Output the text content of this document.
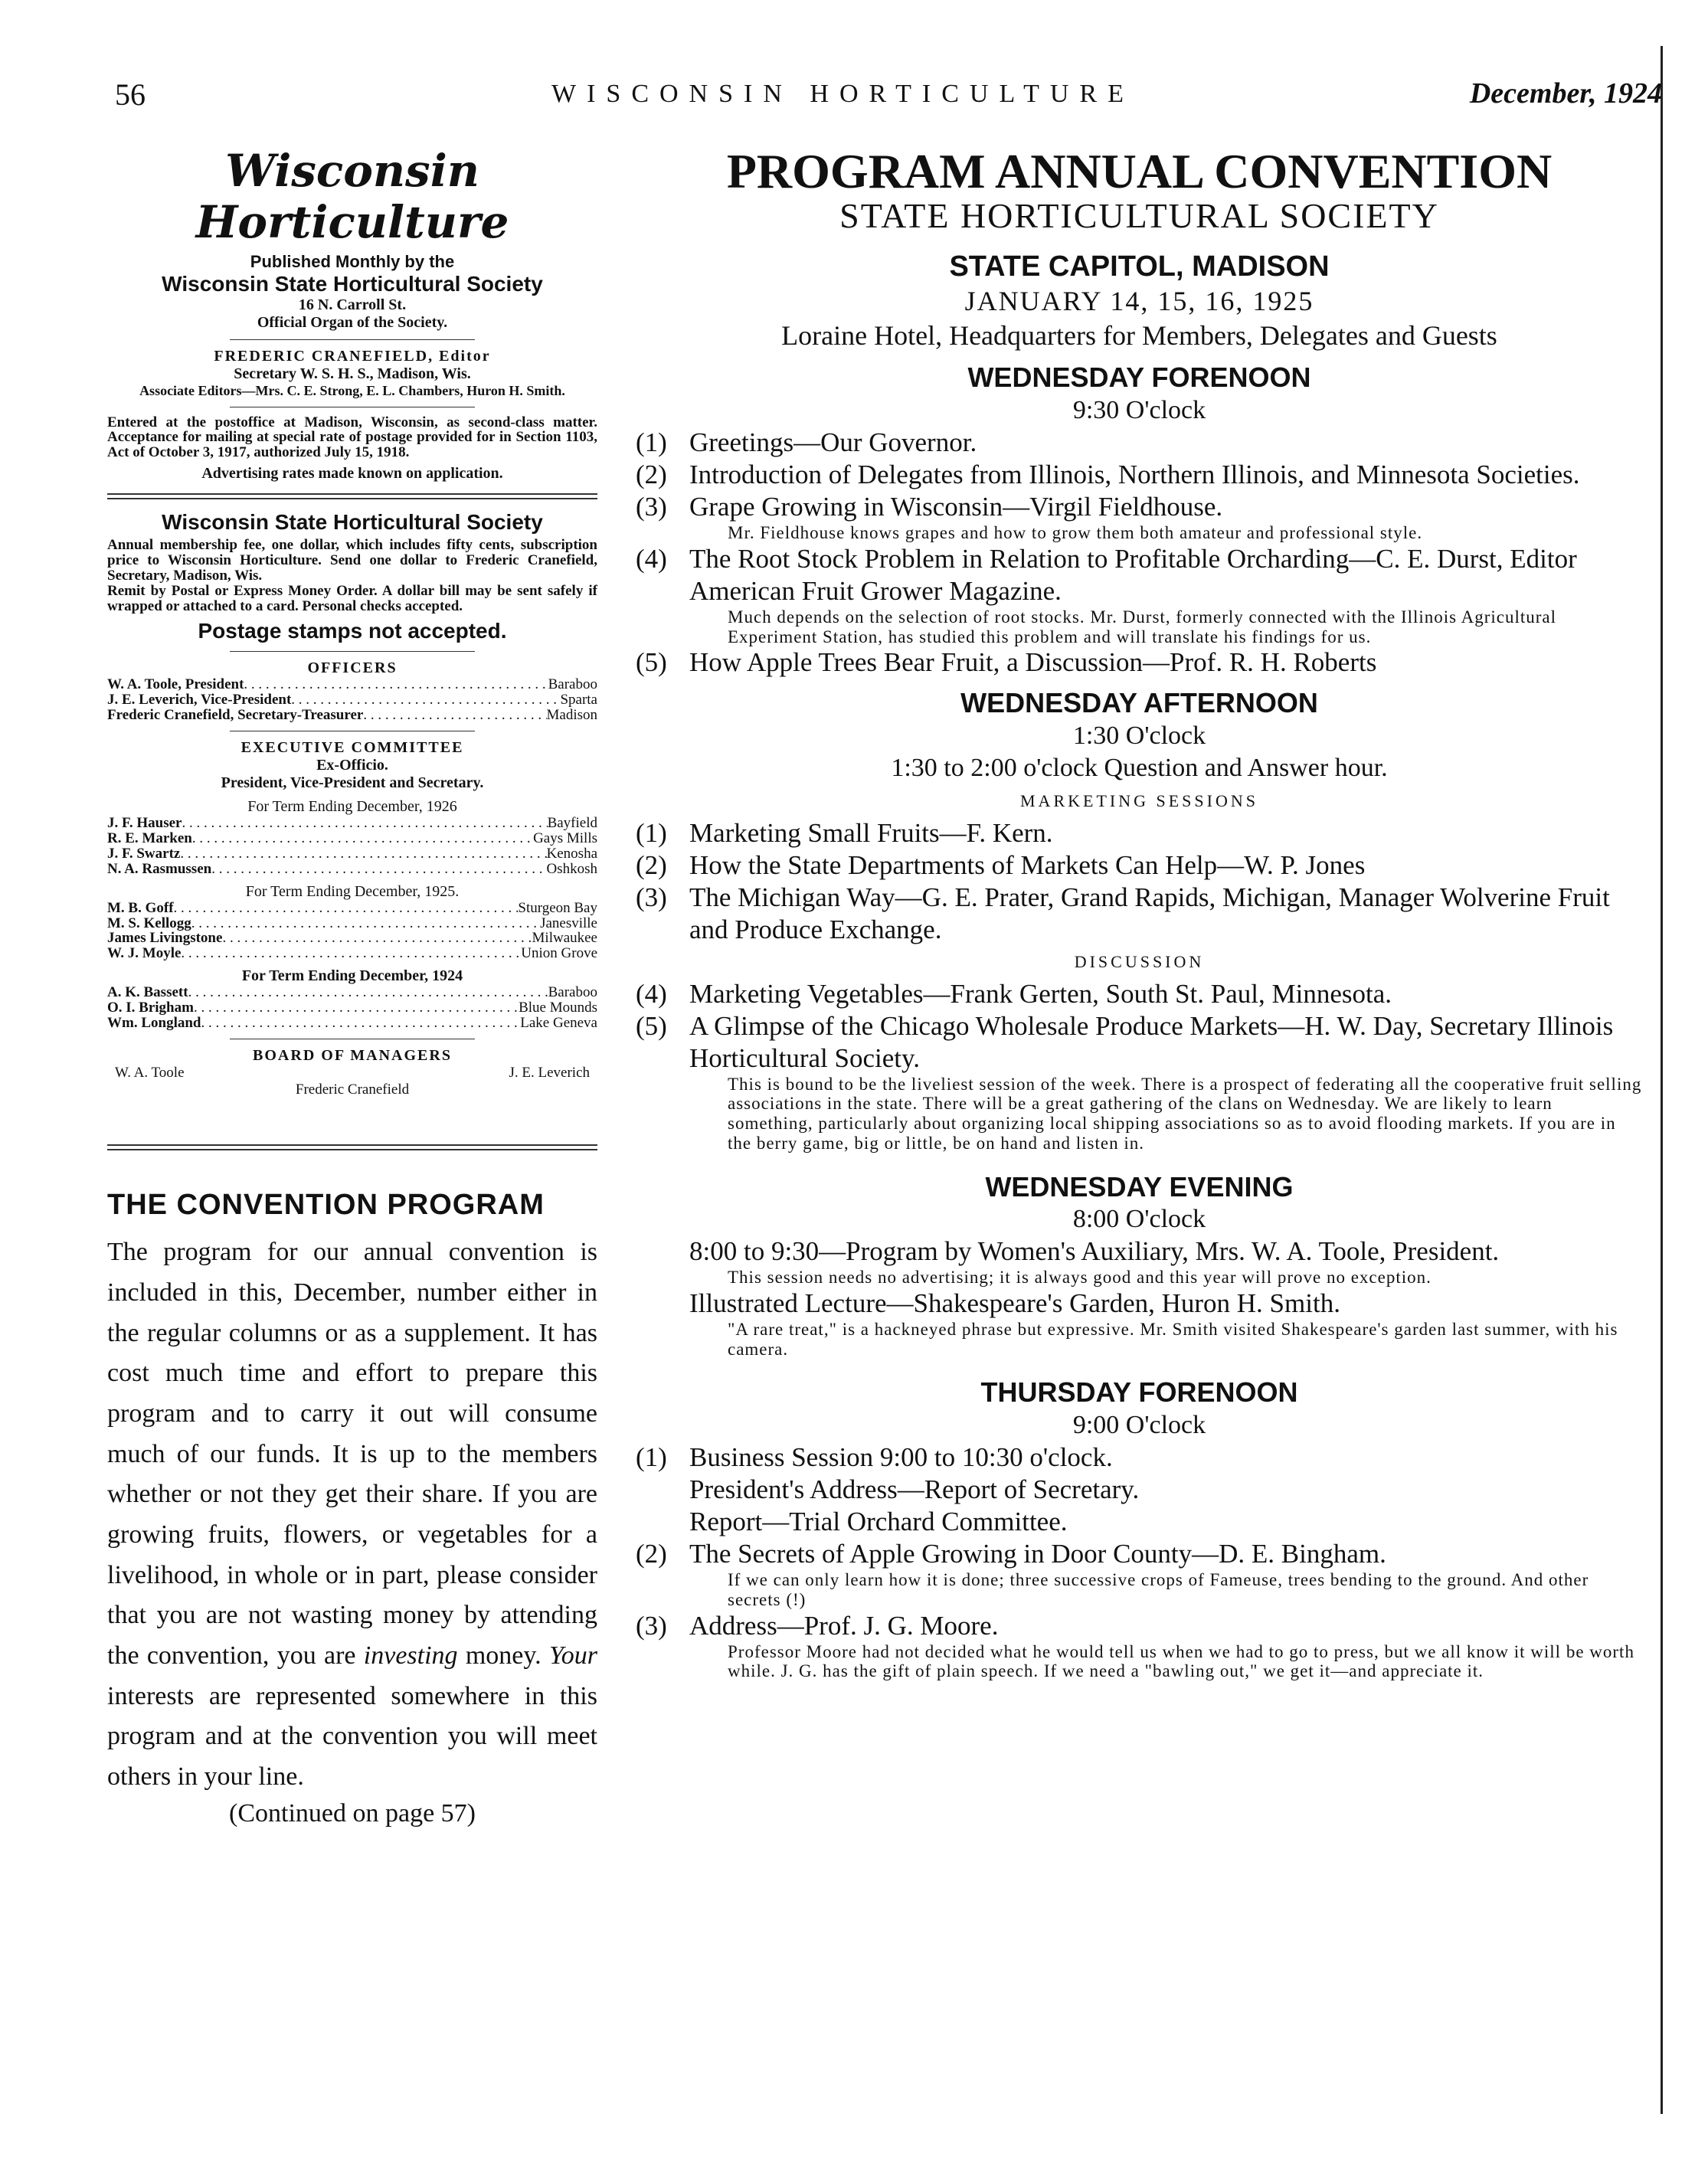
56	WISCONSIN HORTICULTURE	December, 1924
Wisconsin Horticulture
Published Monthly by the
Wisconsin State Horticultural Society
16 N. Carroll St.
Official Organ of the Society.
FREDERIC CRANEFIELD, Editor
Secretary W. S. H. S., Madison, Wis.
Associate Editors—Mrs. C. E. Strong, E. L. Chambers, Huron H. Smith.
Entered at the postoffice at Madison, Wisconsin, as second-class matter. Acceptance for mailing at special rate of postage provided for in Section 1103, Act of October 3, 1917, authorized July 15, 1918.
Advertising rates made known on application.
Wisconsin State Horticultural Society
Annual membership fee, one dollar, which includes fifty cents, subscription price to Wisconsin Horticulture. Send one dollar to Frederic Cranefield, Secretary, Madison, Wis.
Remit by Postal or Express Money Order. A dollar bill may be sent safely if wrapped or attached to a card. Personal checks accepted.
Postage stamps not accepted.
OFFICERS
W. A. Toole, President . . .	Baraboo
J. E. Leverich, Vice-President . . .	Sparta
Frederic Cranefield, Secretary-Treasurer . . .	Madison
EXECUTIVE COMMITTEE
Ex-Officio.
President, Vice-President and Secretary.
For Term Ending December, 1926
J. F. Hauser . . .	Bayfield
R. E. Marken . . .	Gays Mills
J. F. Swartz . . .	Kenosha
N. A. Rasmussen . . .	Oshkosh
For Term Ending December, 1925.
M. B. Goff . . .	Sturgeon Bay
M. S. Kellogg . . .	Janesville
James Livingstone . . .	Milwaukee
W. J. Moyle . . .	Union Grove
For Term Ending December, 1924
A. K. Bassett . . .	Baraboo
O. I. Brigham . . .	Blue Mounds
Wm. Longland . . .	Lake Geneva
BOARD OF MANAGERS
W. A. Toole	J. E. Leverich
Frederic Cranefield
THE CONVENTION PROGRAM
The program for our annual convention is included in this, December, number either in the regular columns or as a supplement. It has cost much time and effort to prepare this program and to carry it out will consume much of our funds. It is up to the members whether or not they get their share. If you are growing fruits, flowers, or vegetables for a livelihood, in whole or in part, please consider that you are not wasting money by attending the convention, you are investing money. Your interests are represented somewhere in this program and at the convention you will meet others in your line.
(Continued on page 57)
PROGRAM ANNUAL CONVENTION
STATE HORTICULTURAL SOCIETY
STATE CAPITOL, MADISON
JANUARY 14, 15, 16, 1925
Loraine Hotel, Headquarters for Members, Delegates and Guests
WEDNESDAY FORENOON
9:30 O'clock
(1) Greetings—Our Governor.
(2) Introduction of Delegates from Illinois, Northern Illinois, and Minnesota Societies.
(3) Grape Growing in Wisconsin—Virgil Fieldhouse.
Mr. Fieldhouse knows grapes and how to grow them both amateur and professional style.
(4) The Root Stock Problem in Relation to Profitable Orcharding—C. E. Durst, Editor American Fruit Grower Magazine.
Much depends on the selection of root stocks. Mr. Durst, formerly connected with the Illinois Agricultural Experiment Station, has studied this problem and will translate his findings for us.
(5) How Apple Trees Bear Fruit, a Discussion—Prof. R. H. Roberts
WEDNESDAY AFTERNOON
1:30 O'clock
1:30 to 2:00 o'clock Question and Answer hour.
MARKETING SESSIONS
(1) Marketing Small Fruits—F. Kern.
(2) How the State Departments of Markets Can Help—W. P. Jones
(3) The Michigan Way—G. E. Prater, Grand Rapids, Michigan, Manager Wolverine Fruit and Produce Exchange.
DISCUSSION
(4) Marketing Vegetables—Frank Gerten, South St. Paul, Minnesota.
(5) A Glimpse of the Chicago Wholesale Produce Markets—H. W. Day, Secretary Illinois Horticultural Society.
This is bound to be the liveliest session of the week. There is a prospect of federating all the cooperative fruit selling associations in the state. There will be a great gathering of the clans on Wednesday. We are likely to learn something, particularly about organizing local shipping associations so as to avoid flooding markets. If you are in the berry game, big or little, be on hand and listen in.
WEDNESDAY EVENING
8:00 O'clock
8:00 to 9:30—Program by Women's Auxiliary, Mrs. W. A. Toole, President.
This session needs no advertising; it is always good and this year will prove no exception.
Illustrated Lecture—Shakespeare's Garden, Huron H. Smith.
"A rare treat," is a hackneyed phrase but expressive. Mr. Smith visited Shakespeare's garden last summer, with his camera.
THURSDAY FORENOON
9:00 O'clock
(1) Business Session 9:00 to 10:30 o'clock.
President's Address—Report of Secretary.
Report—Trial Orchard Committee.
(2) The Secrets of Apple Growing in Door County—D. E. Bingham.
If we can only learn how it is done; three successive crops of Fameuse, trees bending to the ground. And other secrets (!)
(3) Address—Prof. J. G. Moore.
Professor Moore had not decided what he would tell us when we had to go to press, but we all know it will be worth while. J. G. has the gift of plain speech. If we need a "bawling out," we get it—and appreciate it.
